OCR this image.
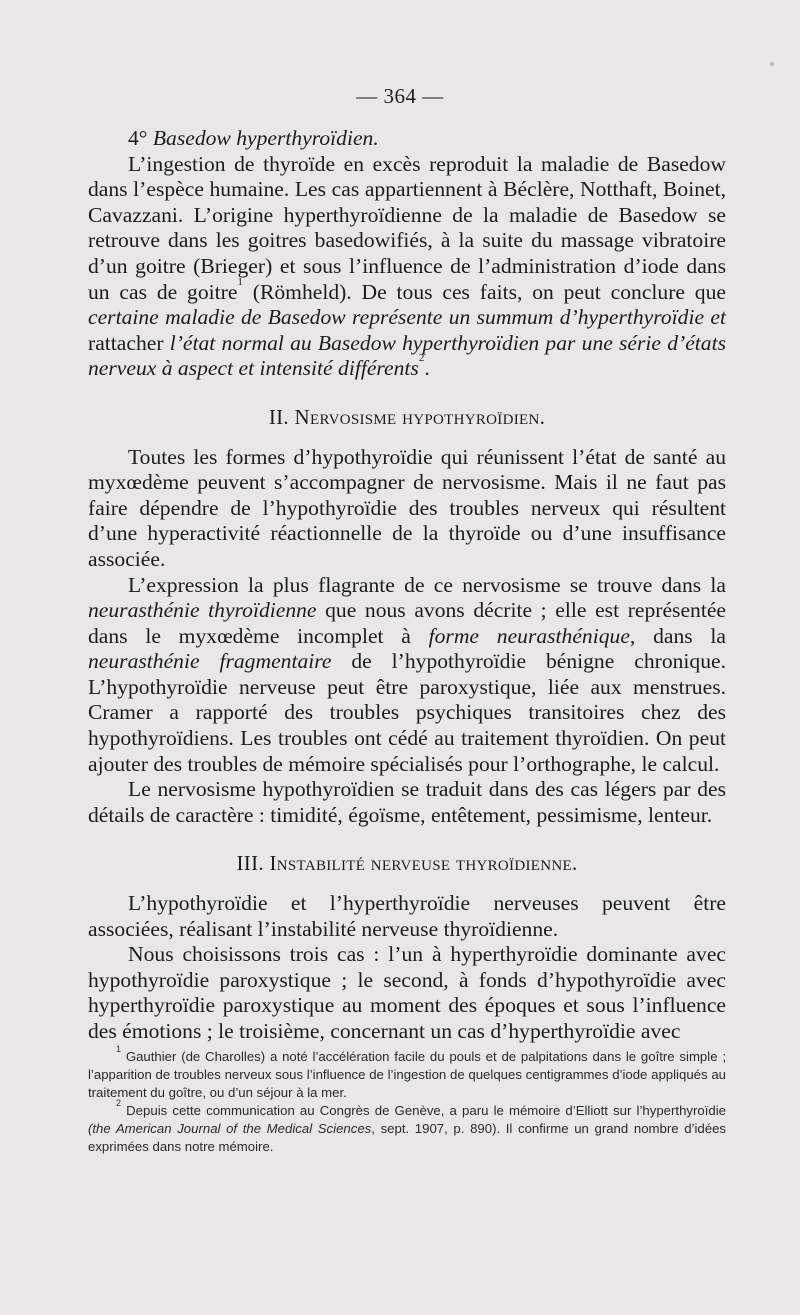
— 364 —

4° Basedow hyperthyroïdien.

L’ingestion de thyroïde en excès reproduit la maladie de Basedow dans l’espèce humaine. Les cas appartiennent à Béclère, Notthaft, Boinet, Cavazzani. L’origine hyperthyroïdienne de la maladie de Basedow se retrouve dans les goitres basedowifiés, à la suite du massage vibratoire d’un goitre (Brieger) et sous l’influence de l’administration d’iode dans un cas de goitre$^1$ (Römheld). De tous ces faits, on peut conclure que certaine maladie de Basedow représente un summum d’hyperthyroïdie et rattacher l’état normal au Basedow hyperthyroïdien par une série d’états nerveux à aspect et intensité différents$^2$.

II. Nervosisme hypothyroïdien.

Toutes les formes d’hypothyroïdie qui réunissent l’état de santé au myxœdème peuvent s’accompagner de nervosisme. Mais il ne faut pas faire dépendre de l’hypothyroïdie des troubles nerveux qui résultent d’une hyperactivité réactionnelle de la thyroïde ou d’une insuffisance associée.

L’expression la plus flagrante de ce nervosisme se trouve dans la neurasthénie thyroïdienne que nous avons décrite ; elle est représentée dans le myxœdème incomplet à forme neurasthénique, dans la neurasthénie fragmentaire de l’hypothyroïdie bénigne chronique. L’hypothyroïdie nerveuse peut être paroxystique, liée aux menstrues. Cramer a rapporté des troubles psychiques transitoires chez des hypothyroïdiens. Les troubles ont cédé au traitement thyroïdien. On peut ajouter des troubles de mémoire spécialisés pour l’orthographe, le calcul.

Le nervosisme hypothyroïdien se traduit dans des cas légers par des détails de caractère : timidité, égoïsme, entêtement, pessimisme, lenteur.

III. Instabilité nerveuse thyroïdienne.

L’hypothyroïdie et l’hyperthyroïdie nerveuses peuvent être associées, réalisant l’instabilité nerveuse thyroïdienne.

Nous choisissons trois cas : l’un à hyperthyroïdie dominante avec hypothyroïdie paroxystique ; le second, à fonds d’hypothyroïdie avec hyperthyroïdie paroxystique au moment des époques et sous l’influence des émotions ; le troisième, concernant un cas d’hyperthyroïdie avec

$^1$ Gauthier (de Charolles) a noté l’accélération facile du pouls et de palpitations dans le goître simple ; l’apparition de troubles nerveux sous l’influence de l’ingestion de quelques centigrammes d’iode appliqués au traitement du goître, ou d’un séjour à la mer.

$^2$ Depuis cette communication au Congrès de Genève, a paru le mémoire d’Elliott sur l’hyperthyroïdie (the American Journal of the Medical Sciences, sept. 1907, p. 890). Il confirme un grand nombre d’idées exprimées dans notre mémoire.
